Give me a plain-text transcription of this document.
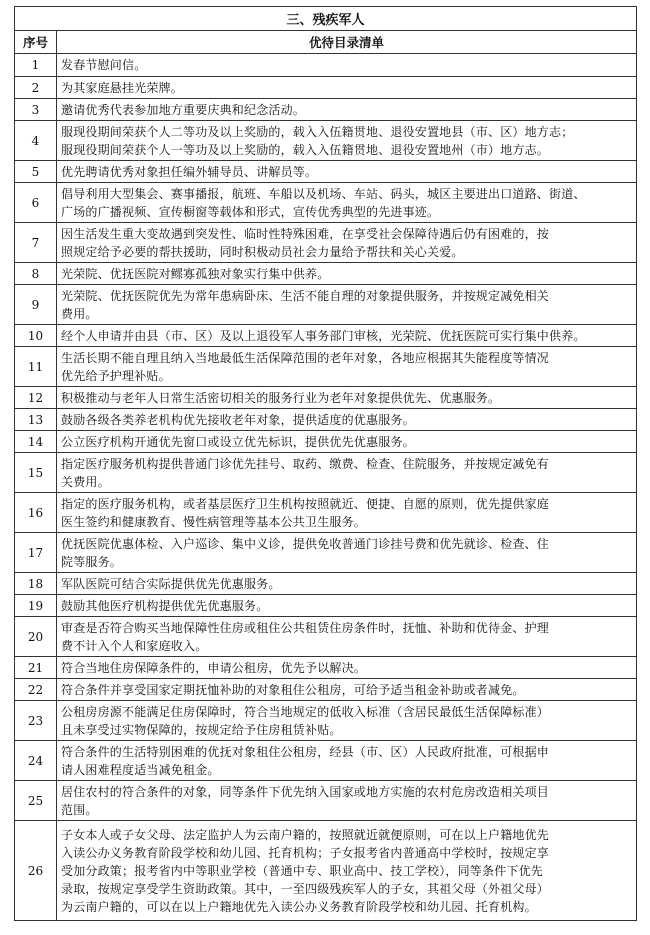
三、残疾军人	
序号	优待目录清单
1	发春节慰问信。

2	为其家庭悬挂光荣牌。

3	邀请优秀代表参加地方重要庆典和纪念活动。

4	服现役期间荣获个人二等功及以上奖励的，载入入伍籍贯地、退役安置地县（市、区）地方志；
服现役期间荣获个人一等功及以上奖励的，载入入伍籍贯地、退役安置地州（市）地方志。

5	优先聘请优秀对象担任编外辅导员、讲解员等。

6	倡导利用大型集会、赛事播报，航班、车船以及机场、车站、码头，城区主要进出口道路、街道、
广场的广播视频、宣传橱窗等载体和形式，宣传优秀典型的先进事迹。

7	因生活发生重大变故遇到突发性、临时性特殊困难，在享受社会保障待遇后仍有困难的，按
照规定给予必要的帮扶援助，同时积极动员社会力量给予帮扶和关心关爱。

8	光荣院、优抚医院对鳏寡孤独对象实行集中供养。

9	光荣院、优抚医院优先为常年患病卧床、生活不能自理的对象提供服务，并按规定减免相关
费用。

10	经个人申请并由县（市、区）及以上退役军人事务部门审核，光荣院、优抚医院可实行集中供养。

11	生活长期不能自理且纳入当地最低生活保障范围的老年对象，各地应根据其失能程度等情况
优先给予护理补贴。

12	积极推动与老年人日常生活密切相关的服务行业为老年对象提供优先、优惠服务。

13	鼓励各级各类养老机构优先接收老年对象，提供适度的优惠服务。

14	公立医疗机构开通优先窗口或设立优先标识，提供优先优惠服务。

15	指定医疗服务机构提供普通门诊优先挂号、取药、缴费、检查、住院服务，并按规定减免有
关费用。

16	指定的医疗服务机构，或者基层医疗卫生机构按照就近、便捷、自愿的原则，优先提供家庭
医生签约和健康教育、慢性病管理等基本公共卫生服务。

17	优抚医院优惠体检、入户巡诊、集中义诊，提供免收普通门诊挂号费和优先就诊、检查、住
院等服务。

18	军队医院可结合实际提供优先优惠服务。

19	鼓励其他医疗机构提供优先优惠服务。

20	审查是否符合购买当地保障性住房或租住公共租赁住房条件时，抚恤、补助和优待金、护理
费不计入个人和家庭收入。

21	符合当地住房保障条件的，申请公租房，优先予以解决。

22	符合条件并享受国家定期抚恤补助的对象租住公租房，可给予适当租金补助或者减免。

23	公租房房源不能满足住房保障时，符合当地规定的低收入标准（含居民最低生活保障标准）
且未享受过实物保障的，按规定给予住房租赁补贴。

24	符合条件的生活特别困难的优抚对象租住公租房，经县（市、区）人民政府批准，可根据申
请人困难程度适当减免租金。

25	居住农村的符合条件的对象，同等条件下优先纳入国家或地方实施的农村危房改造相关项目
范围。

26	子女本人或子女父母、法定监护人为云南户籍的，按照就近就便原则，可在以上户籍地优先
入读公办义务教育阶段学校和幼儿园、托育机构；子女报考省内普通高中学校时，按规定享
受加分政策；报考省内中等职业学校（普通中专、职业高中、技工学校），同等条件下优先
录取，按规定享受学生资助政策。其中，一至四级残疾军人的子女，其祖父母（外祖父母）
为云南户籍的，可以在以上户籍地优先入读公办义务教育阶段学校和幼儿园、托育机构。
